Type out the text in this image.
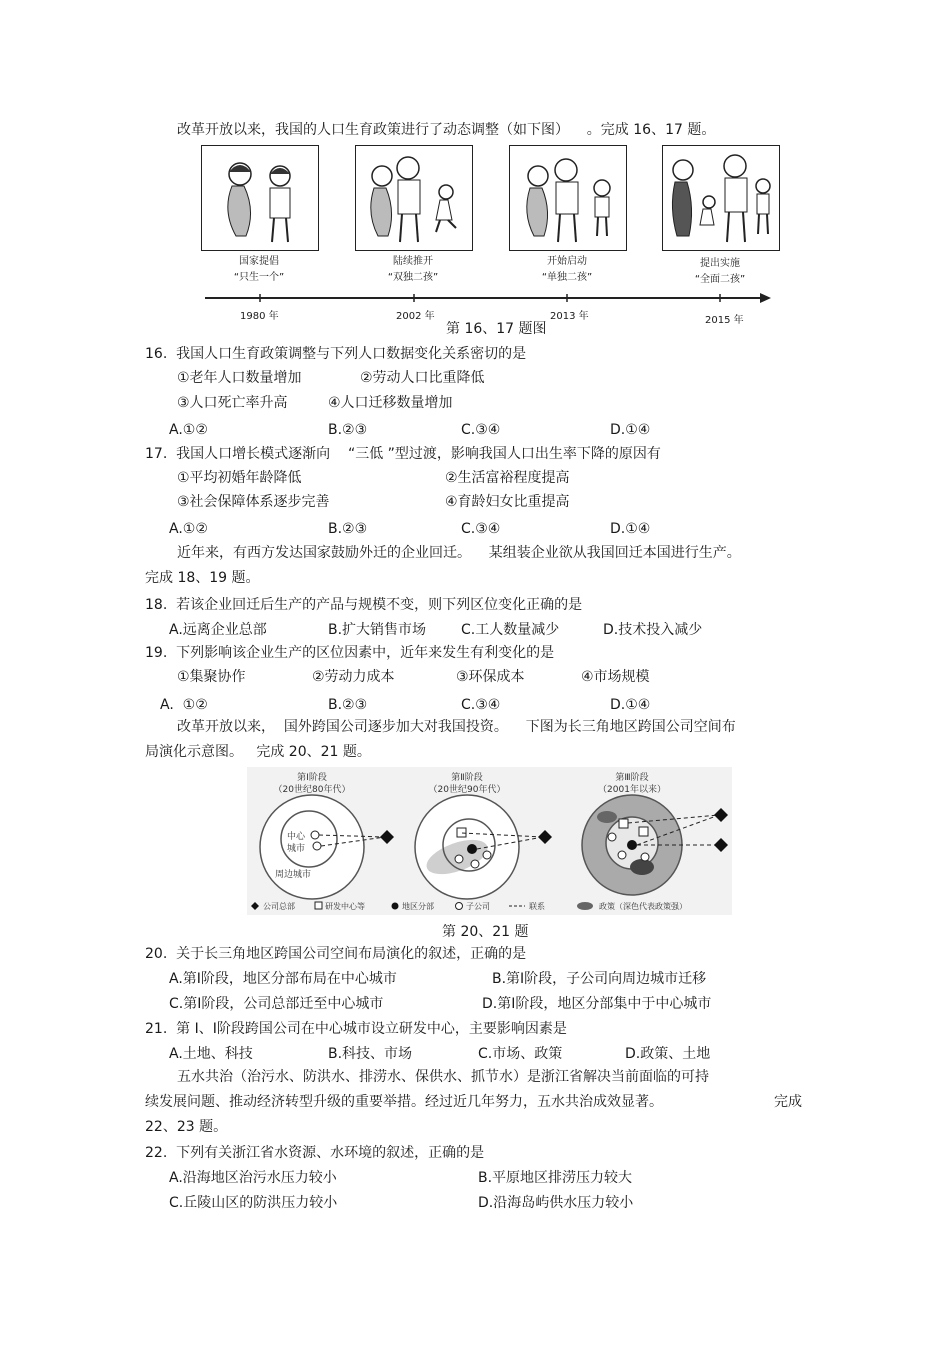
改革开放以来，我国的人口生育政策进行了动态调整（如下图）    。完成 16、17 题。
国家提倡
“只生一个”
陆续推开
“双独二孩”
开始启动
“单独二孩”
提出实施
“全面二孩”
1980 年	2002 年	2013 年	2015 年
第 16、17 题图
16.  我国人口生育政策调整与下列人口数据变化关系密切的是
①老年人口数量增加	②劳动人口比重降低
③人口死亡率升高	④人口迁移数量增加
A.①②	B.②③	C.③④	D.①④
17.  我国人口增长模式逐渐向    “三低 ”型过渡，影响我国人口出生率下降的原因有
①平均初婚年龄降低	②生活富裕程度提高
③社会保障体系逐步完善	④育龄妇女比重提高
A.①②	B.②③	C.③④	D.①④
近年来，有西方发达国家鼓励外迁的企业回迁。    某组装企业欲从我国回迁本国进行生产。
完成 18、19 题。
18.  若该企业回迁后生产的产品与规模不变，则下列区位变化正确的是
A.远离企业总部	B.扩大销售市场 C.工人数量减少	D.技术投入减少
19.  下列影响该企业生产的区位因素中，近年来发生有利变化的是
①集聚协作	②劳动力成本	③环保成本	④市场规模
A.  ①②	B.②③	C.③④	D.①④
改革开放以来，  国外跨国公司逐步加大对我国投资。    下图为长三角地区跨国公司空间布
局演化示意图。   完成 20、21 题。
第Ⅰ阶段
（20世纪80年代）
第Ⅱ阶段
（20世纪90年代）
第Ⅲ阶段
（2001年以来）
中心
城市
周边城市
公司总部	研发中心等	地区分部	子公司	联系	政策（深色代表政策强）
第 20、21 题
20.  关于长三角地区跨国公司空间布局演化的叙述，正确的是
A.第Ⅰ阶段，地区分部布局在中心城市	B.第Ⅰ阶段，子公司向周边城市迁移
C.第Ⅰ阶段，公司总部迁至中心城市	D.第Ⅰ阶段，地区分部集中于中心城市
21.  第 Ⅰ、Ⅰ阶段跨国公司在中心城市设立研发中心，主要影响因素是
A.土地、科技	B.科技、市场	C.市场、政策	D.政策、土地
五水共治（治污水、防洪水、排涝水、保供水、抓节水）是浙江省解决当前面临的可持
续发展问题、推动经济转型升级的重要举措。经过近几年努力，五水共治成效显著。	完成
22、23 题。
22.  下列有关浙江省水资源、水环境的叙述，正确的是
A.沿海地区治污水压力较小	B.平原地区排涝压力较大
C.丘陵山区的防洪压力较小	D.沿海岛屿供水压力较小
